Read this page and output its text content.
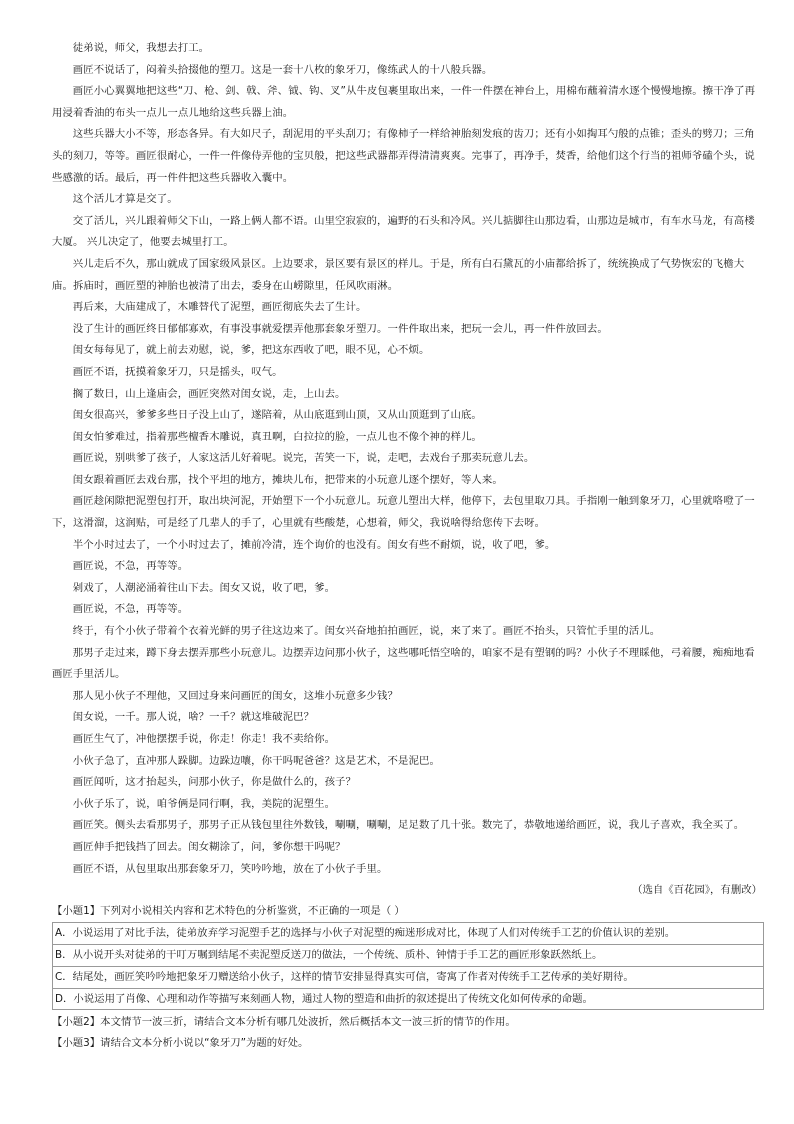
徒弟说，师父，我想去打工。

画匠不说话了，闷着头拾掇他的塑刀。这是一套十八枚的象牙刀，像练武人的十八般兵器。

画匠小心翼翼地把这些“刀、枪、剑、戟、斧、钺、钩、叉”从牛皮包裹里取出来，一件一件摆在神台上，用棉布蘸着清水逐个慢慢地擦。擦干净了再用浸着香油的布头一点儿一点儿地给这些兵器上油。

这些兵器大小不等，形态各异。有大如尺子，刮泥用的平头刮刀；有像柿子一样给神胎刻发痕的齿刀；还有小如掏耳勺般的点锥；歪头的劈刀；三角头的刻刀，等等。画匠很耐心，一件一件像侍弄他的宝贝般，把这些武器都弄得清清爽爽。完事了，再净手，焚香，给他们这个行当的祖师爷磕个头，说些感激的话。最后，再一件件把这些兵器收入囊中。

这个活儿才算是交了。

交了活儿，兴儿跟着师父下山，一路上俩人都不语。山里空寂寂的，遍野的石头和冷风。兴儿掂脚往山那边看，山那边是城市，有车水马龙，有高楼大厦。 兴儿决定了，他要去城里打工。

兴儿走后不久，那山就成了国家级风景区。上边要求，景区要有景区的样儿。于是，所有白石黛瓦的小庙都给拆了，统统换成了气势恢宏的飞檐大庙。拆庙时，画匠塑的神胎也被清了出去，委身在山崂隙里，任风吹雨淋。

再后来，大庙建成了，木雕替代了泥塑，画匠彻底失去了生计。

没了生计的画匠终日郁郁寡欢，有事没事就爱摆弄他那套象牙塑刀。一件件取出来，把玩一会儿，再一件件放回去。

闺女每每见了，就上前去劝慰，说，爹，把这东西收了吧，眼不见，心不烦。

画匠不语，抚摸着象牙刀，只是摇头，叹气。

搁了数日，山上逢庙会，画匠突然对闺女说，走，上山去。

闺女很高兴，爹爹多些日子没上山了，遂陪着，从山底逛到山顶，又从山顶逛到了山底。

闺女怕爹难过，指着那些檀香木雕说，真丑啊，白拉拉的脸，一点儿也不像个神的样儿。

画匠说，别哄爹了孩子，人家这活儿好着呢。说完，苦笑一下，说，走吧，去戏台子那卖玩意儿去。

闺女跟着画匠去戏台那，找个平坦的地方，摊块儿布，把带来的小玩意儿逐个摆好，等人来。

画匠趁闲隙把泥塑包打开，取出块河泥，开始塑下一个小玩意儿。玩意儿塑出大样，他停下，去包里取刀具。手指刚一触到象牙刀，心里就咯噔了一下，这滑溜，这润贴，可是经了几辈人的手了，心里就有些酸楚，心想着，师父，我说啥得给您传下去呀。

半个小时过去了，一个小时过去了，摊前冷清，连个询价的也没有。闺女有些不耐烦，说，收了吧，爹。

画匠说，不急，再等等。

剁戏了，人潮泌涌着往山下去。闺女又说，收了吧，爹。

画匠说，不急，再等等。

终于，有个小伙子带着个衣着光鲜的男子往这边来了。闺女兴奋地拍拍画匠，说，来了来了。画匠不抬头，只管忙手里的活儿。

那男子走过来，蹲下身去摆弄那些小玩意儿。边摆弄边问那小伙子，这些哪吒悟空啥的，咱家不是有塑钢的吗？小伙子不理睬他，弓着腰，痴痴地看画匠手里活儿。

那人见小伙子不理他，又回过身来问画匠的闺女，这堆小玩意多少钱？

闺女说，一千。那人说，啥？一千？就这堆破泥巴？

画匠生气了，冲他摆摆手说，你走！你走！我不卖给你。

小伙子急了，直冲那人跺脚。边跺边嚷，你干吗呢爸爸？这是艺术，不是泥巴。

画匠闻听，这才抬起头，问那小伙子，你是做什么的，孩子？

小伙子乐了，说，咱爷俩是同行啊，我，美院的泥塑生。

画匠笑。侧头去看那男子，那男子正从钱包里往外数钱，唰唰，唰唰，足足数了几十张。数完了，恭敬地递给画匠，说，我儿子喜欢，我全买了。

画匠伸手把钱挡了回去。闺女糊涂了，问，爹你想干吗呢？

画匠不语，从包里取出那套象牙刀，笑吟吟地，放在了小伙子手里。

（选自《百花园》，有删改）

【小题1】下列对小说相关内容和艺术特色的分析鉴赏，不正确的一项是（ ）

A．小说运用了对比手法，徒弟放弃学习泥塑手艺的选择与小伙子对泥塑的痴迷形成对比，体现了人们对传统手工艺的价值认识的差别。
B．从小说开头对徒弟的干叮万嘱到结尾不卖泥塑反送刀的做法，一个传统、质朴、钟情于手工艺的画匠形象跃然纸上。
C．结尾处，画匠笑吟吟地把象牙刀赠送给小伙子，这样的情节安排显得真实可信，寄寓了作者对传统手工艺传承的美好期待。
D．小说运用了肖像、心理和动作等描写来刻画人物，通过人物的塑造和曲折的叙述提出了传统文化如何传承的命题。

【小题2】本文情节一波三折，请结合文本分析有哪几处波折，然后概括本文一波三折的情节的作用。

【小题3】请结合文本分析小说以“象牙刀”为题的好处。
